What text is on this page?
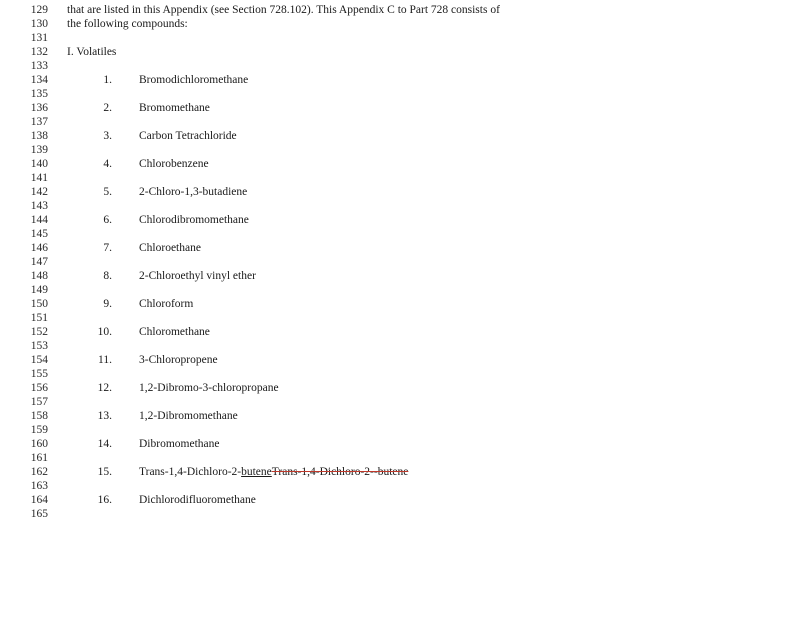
129
130
131
132
133
134
135
136
137
138
139
140
141
142
143
144
145
146
147
148
149
150
151
152
153
154
155
156
157
158
159
160
161
162
163
164
165
that are listed in this Appendix (see Section 728.102). This Appendix C to Part 728 consists of
the following compounds:
I. Volatiles
1. Bromodichloromethane
2. Bromomethane
3. Carbon Tetrachloride
4. Chlorobenzene
5. 2-Chloro-1,3-butadiene
6. Chlorodibromomethane
7. Chloroethane
8. 2-Chloroethyl vinyl ether
9. Chloroform
10. Chloromethane
11. 3-Chloropropene
12. 1,2-Dibromo-3-chloropropane
13. 1,2-Dibromomethane
14. Dibromomethane
15. Trans-1,4-Dichloro-2-buteneTrans-1,4-Dichloro-2--butene
16. Dichlorodifluoromethane
